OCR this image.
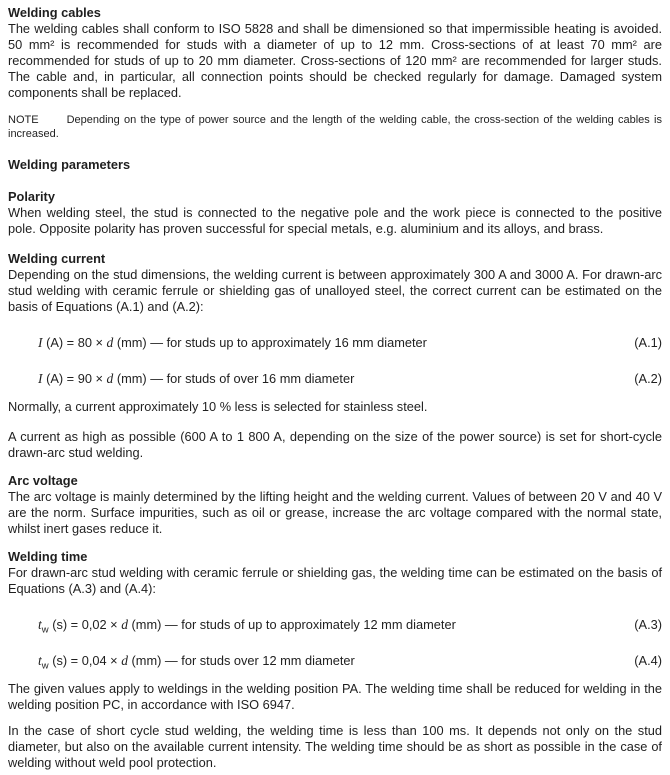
Welding cables

The welding cables shall conform to ISO 5828 and shall be dimensioned so that impermissible heating is avoided. 50 mm² is recommended for studs with a diameter of up to 12 mm. Cross-sections of at least 70 mm² are recommended for studs of up to 20 mm diameter. Cross-sections of 120 mm² are recommended for larger studs. The cable and, in particular, all connection points should be checked regularly for damage. Damaged system components shall be replaced.

NOTE	Depending on the type of power source and the length of the welding cable, the cross-section of the welding cables is increased.

Welding parameters
Polarity

When welding steel, the stud is connected to the negative pole and the work piece is connected to the positive pole. Opposite polarity has proven successful for special metals, e.g. aluminium and its alloys, and brass.

Welding current

Depending on the stud dimensions, the welding current is between approximately 300 A and 3000 A. For drawn-arc stud welding with ceramic ferrule or shielding gas of unalloyed steel, the correct current can be estimated on the basis of Equations (A.1) and (A.2):

I (A) = 80 × d (mm) — for studs up to approximately 16 mm diameter	(A.1)
I (A) = 90 × d (mm) — for studs of over 16 mm diameter	(A.2)

Normally, a current approximately 10 % less is selected for stainless steel.

A current as high as possible (600 A to 1 800 A, depending on the size of the power source) is set for short-cycle drawn-arc stud welding.

Arc voltage

The arc voltage is mainly determined by the lifting height and the welding current. Values of between 20 V and 40 V are the norm. Surface impurities, such as oil or grease, increase the arc voltage compared with the normal state, whilst inert gases reduce it.

Welding time

For drawn-arc stud welding with ceramic ferrule or shielding gas, the welding time can be estimated on the basis of Equations (A.3) and (A.4):

$t_w$ (s) = 0,02 × d (mm) — for studs of up to approximately 12 mm diameter	(A.3)
$t_w$ (s) = 0,04 × d (mm) — for studs over 12 mm diameter	(A.4)

The given values apply to weldings in the welding position PA. The welding time shall be reduced for welding in the welding position PC, in accordance with ISO 6947.

In the case of short cycle stud welding, the welding time is less than 100 ms. It depends not only on the stud diameter, but also on the available current intensity. The welding time should be as short as possible in the case of welding without weld pool protection.
